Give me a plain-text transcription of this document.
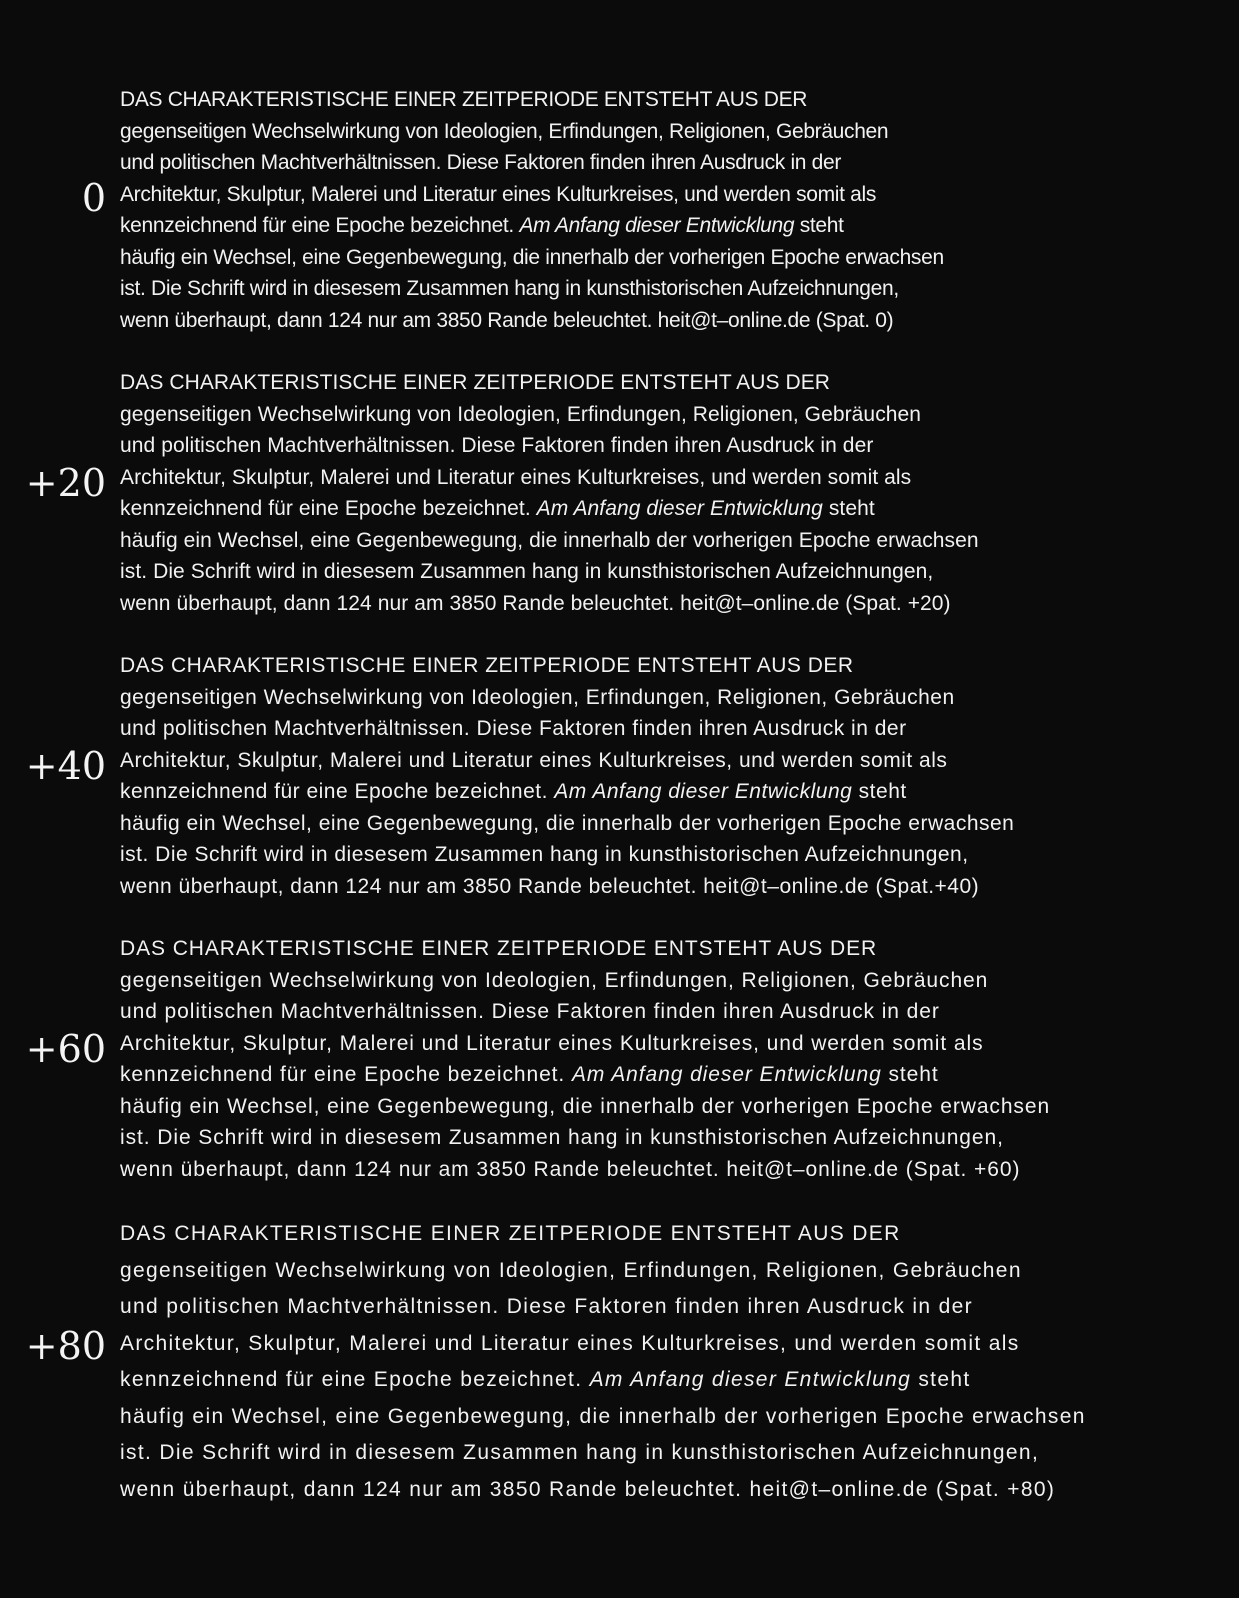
0
DAS CHARAKTERISTISCHE EINER ZEITPERIODE ENTSTEHT AUS DER
gegenseitigen Wechselwirkung von Ideologien, Erfindungen, Religionen, Gebräuchen
und politischen Machtverhältnissen. Diese Faktoren finden ihren Ausdruck in der
Architektur, Skulptur, Malerei und Literatur eines Kulturkreises, und werden somit als
kennzeichnend für eine Epoche bezeichnet. Am Anfang dieser Entwicklung steht
häufig ein Wechsel, eine Gegenbewegung, die innerhalb der vorherigen Epoche erwachsen
ist. Die Schrift wird in diesesem Zusammen hang in kunsthistorischen Aufzeichnungen,
wenn überhaupt, dann 124 nur am 3850 Rande beleuchtet. heit@t–online.de (Spat. 0)
+20
DAS CHARAKTERISTISCHE EINER ZEITPERIODE ENTSTEHT AUS DER
gegenseitigen Wechselwirkung von Ideologien, Erfindungen, Religionen, Gebräuchen
und politischen Machtverhältnissen. Diese Faktoren finden ihren Ausdruck in der
Architektur, Skulptur, Malerei und Literatur eines Kulturkreises, und werden somit als
kennzeichnend für eine Epoche bezeichnet. Am Anfang dieser Entwicklung steht
häufig ein Wechsel, eine Gegenbewegung, die innerhalb der vorherigen Epoche erwachsen
ist. Die Schrift wird in diesesem Zusammen hang in kunsthistorischen Aufzeichnungen,
wenn überhaupt, dann 124 nur am 3850 Rande beleuchtet. heit@t–online.de (Spat. +20)
+40
DAS CHARAKTERISTISCHE EINER ZEITPERIODE ENTSTEHT AUS DER
gegenseitigen Wechselwirkung von Ideologien, Erfindungen, Religionen, Gebräuchen
und politischen Machtverhältnissen. Diese Faktoren finden ihren Ausdruck in der
Architektur, Skulptur, Malerei und Literatur eines Kulturkreises, und werden somit als
kennzeichnend für eine Epoche bezeichnet. Am Anfang dieser Entwicklung steht
häufig ein Wechsel, eine Gegenbewegung, die innerhalb der vorherigen Epoche erwachsen
ist. Die Schrift wird in diesesem Zusammen hang in kunsthistorischen Aufzeichnungen,
wenn überhaupt, dann 124 nur am 3850 Rande beleuchtet. heit@t–online.de (Spat.+40)
+60
DAS CHARAKTERISTISCHE EINER ZEITPERIODE ENTSTEHT AUS DER
gegenseitigen Wechselwirkung von Ideologien, Erfindungen, Religionen, Gebräuchen
und politischen Machtverhältnissen. Diese Faktoren finden ihren Ausdruck in der
Architektur, Skulptur, Malerei und Literatur eines Kulturkreises, und werden somit als
kennzeichnend für eine Epoche bezeichnet. Am Anfang dieser Entwicklung steht
häufig ein Wechsel, eine Gegenbewegung, die innerhalb der vorherigen Epoche erwachsen
ist. Die Schrift wird in diesesem Zusammen hang in kunsthistorischen Aufzeichnungen,
wenn überhaupt, dann 124 nur am 3850 Rande beleuchtet. heit@t–online.de (Spat. +60)
+80
DAS CHARAKTERISTISCHE EINER ZEITPERIODE ENTSTEHT AUS DER
gegenseitigen Wechselwirkung von Ideologien, Erfindungen, Religionen, Gebräuchen
und politischen Machtverhältnissen. Diese Faktoren finden ihren Ausdruck in der
Architektur, Skulptur, Malerei und Literatur eines Kulturkreises, und werden somit als
kennzeichnend für eine Epoche bezeichnet. Am Anfang dieser Entwicklung steht
häufig ein Wechsel, eine Gegenbewegung, die innerhalb der vorherigen Epoche erwachsen
ist. Die Schrift wird in diesesem Zusammen hang in kunsthistorischen Aufzeichnungen,
wenn überhaupt, dann 124 nur am 3850 Rande beleuchtet. heit@t–online.de (Spat. +80)
